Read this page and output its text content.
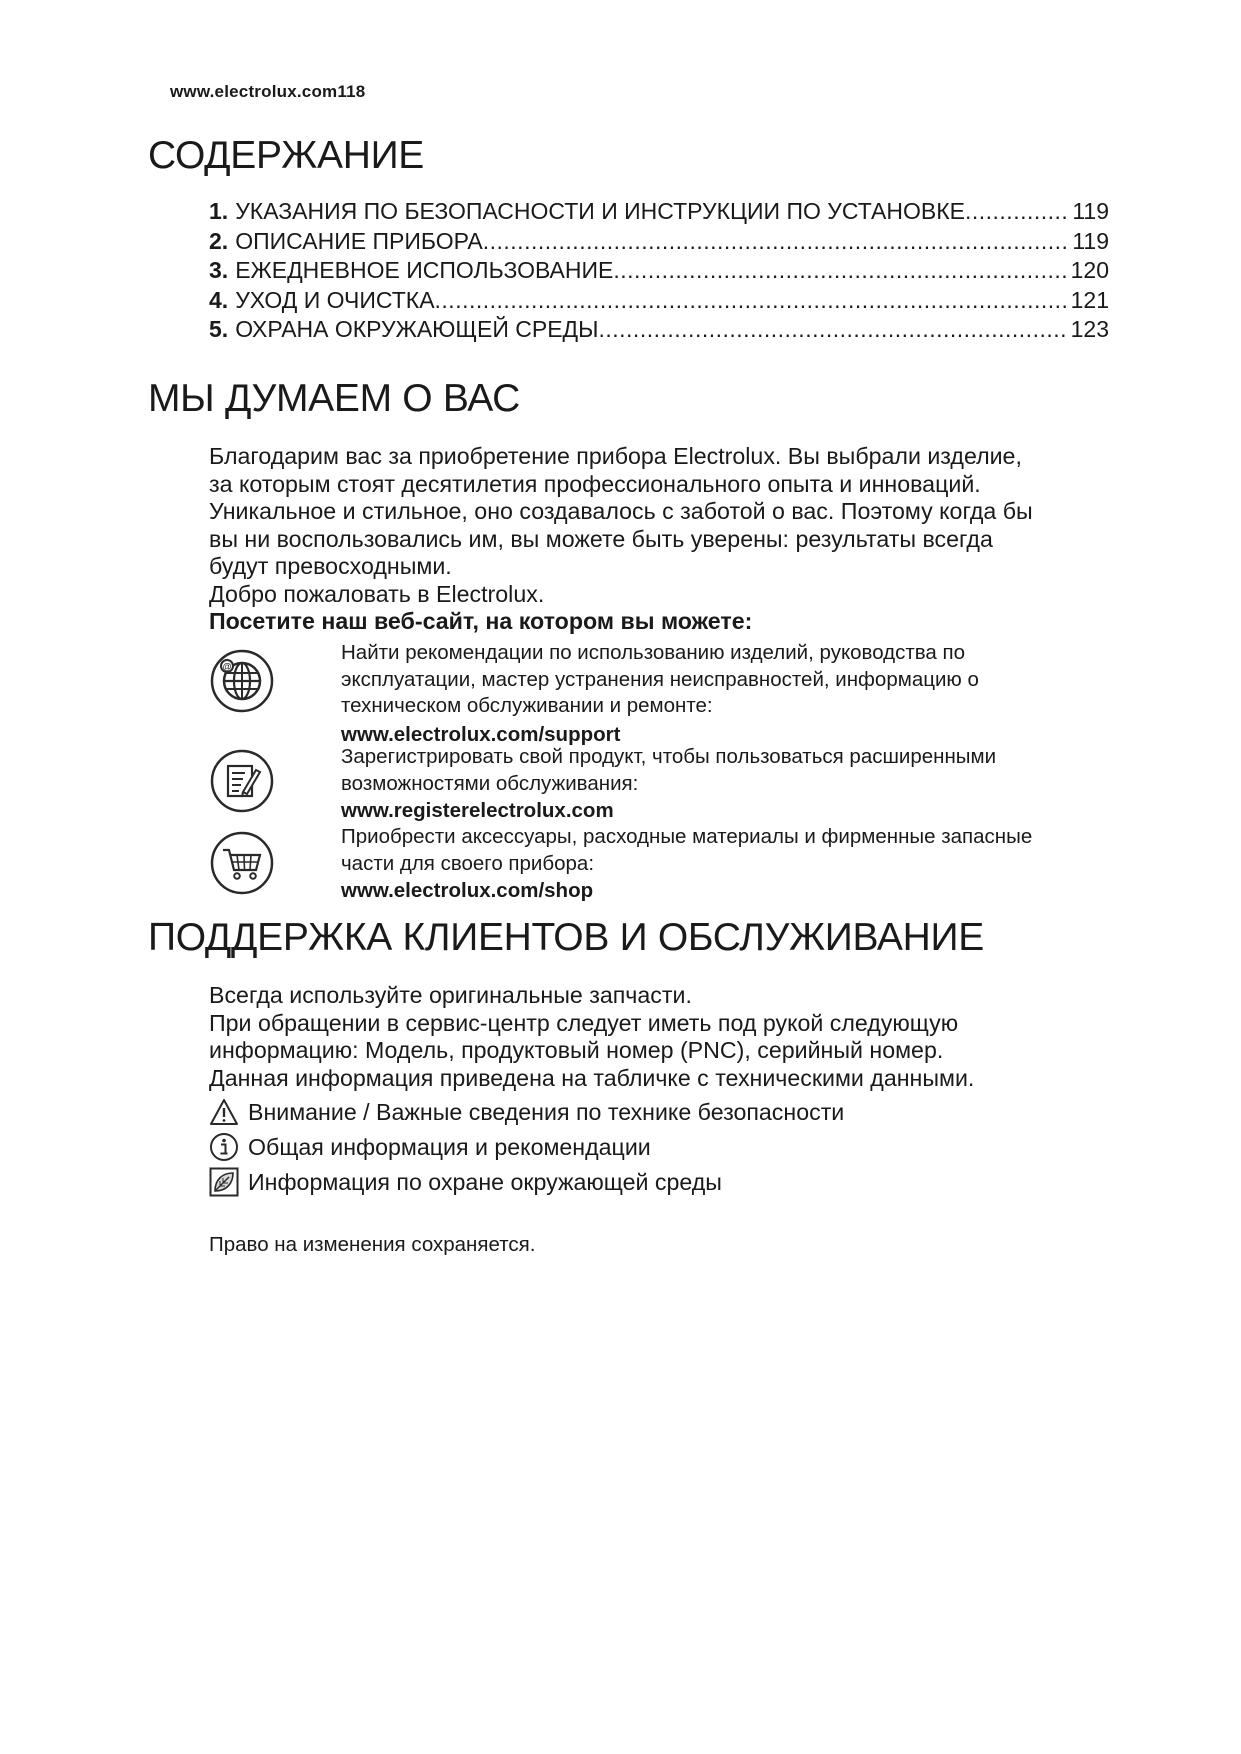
www.electrolux.com118
СОДЕРЖАНИЕ
1. УКАЗАНИЯ ПО БЕЗОПАСНОСТИ И ИНСТРУКЦИИ ПО УСТАНОВКЕ .....	119
2. ОПИСАНИЕ ПРИБОРА .....	119
3. ЕЖЕДНЕВНОЕ ИСПОЛЬЗОВАНИЕ .....	120
4. УХОД И ОЧИСТКА .....	121
5. ОХРАНА ОКРУЖАЮЩЕЙ СРЕДЫ .....	123
МЫ ДУМАЕМ О ВАС
Благодарим вас за приобретение прибора Electrolux. Вы выбрали изделие,
за которым стоят десятилетия профессионального опыта и инноваций.
Уникальное и стильное, оно создавалось с заботой о вас. Поэтому когда бы
вы ни воспользовались им, вы можете быть уверены: результаты всегда
будут превосходными.
Добро пожаловать в Electrolux.
Посетите наш веб-сайт, на котором вы можете:
@
Найти рекомендации по использованию изделий, руководства по
эксплуатации, мастер устранения неисправностей, информацию о
техническом обслуживании и ремонте:
www.electrolux.com/support
Зарегистрировать свой продукт, чтобы пользоваться расширенными
возможностями обслуживания:
www.registerelectrolux.com
Приобрести аксессуары, расходные материалы и фирменные запасные
части для своего прибора:
www.electrolux.com/shop
ПОДДЕРЖКА КЛИЕНТОВ И ОБСЛУЖИВАНИЕ
Всегда используйте оригинальные запчасти.
При обращении в сервис-центр следует иметь под рукой следующую
информацию: Модель, продуктовый номер (PNC), серийный номер.
Данная информация приведена на табличке с техническими данными.
Внимание / Важные сведения по технике безопасности
Общая информация и рекомендации
Информация по охране окружающей среды
Право на изменения сохраняется.
